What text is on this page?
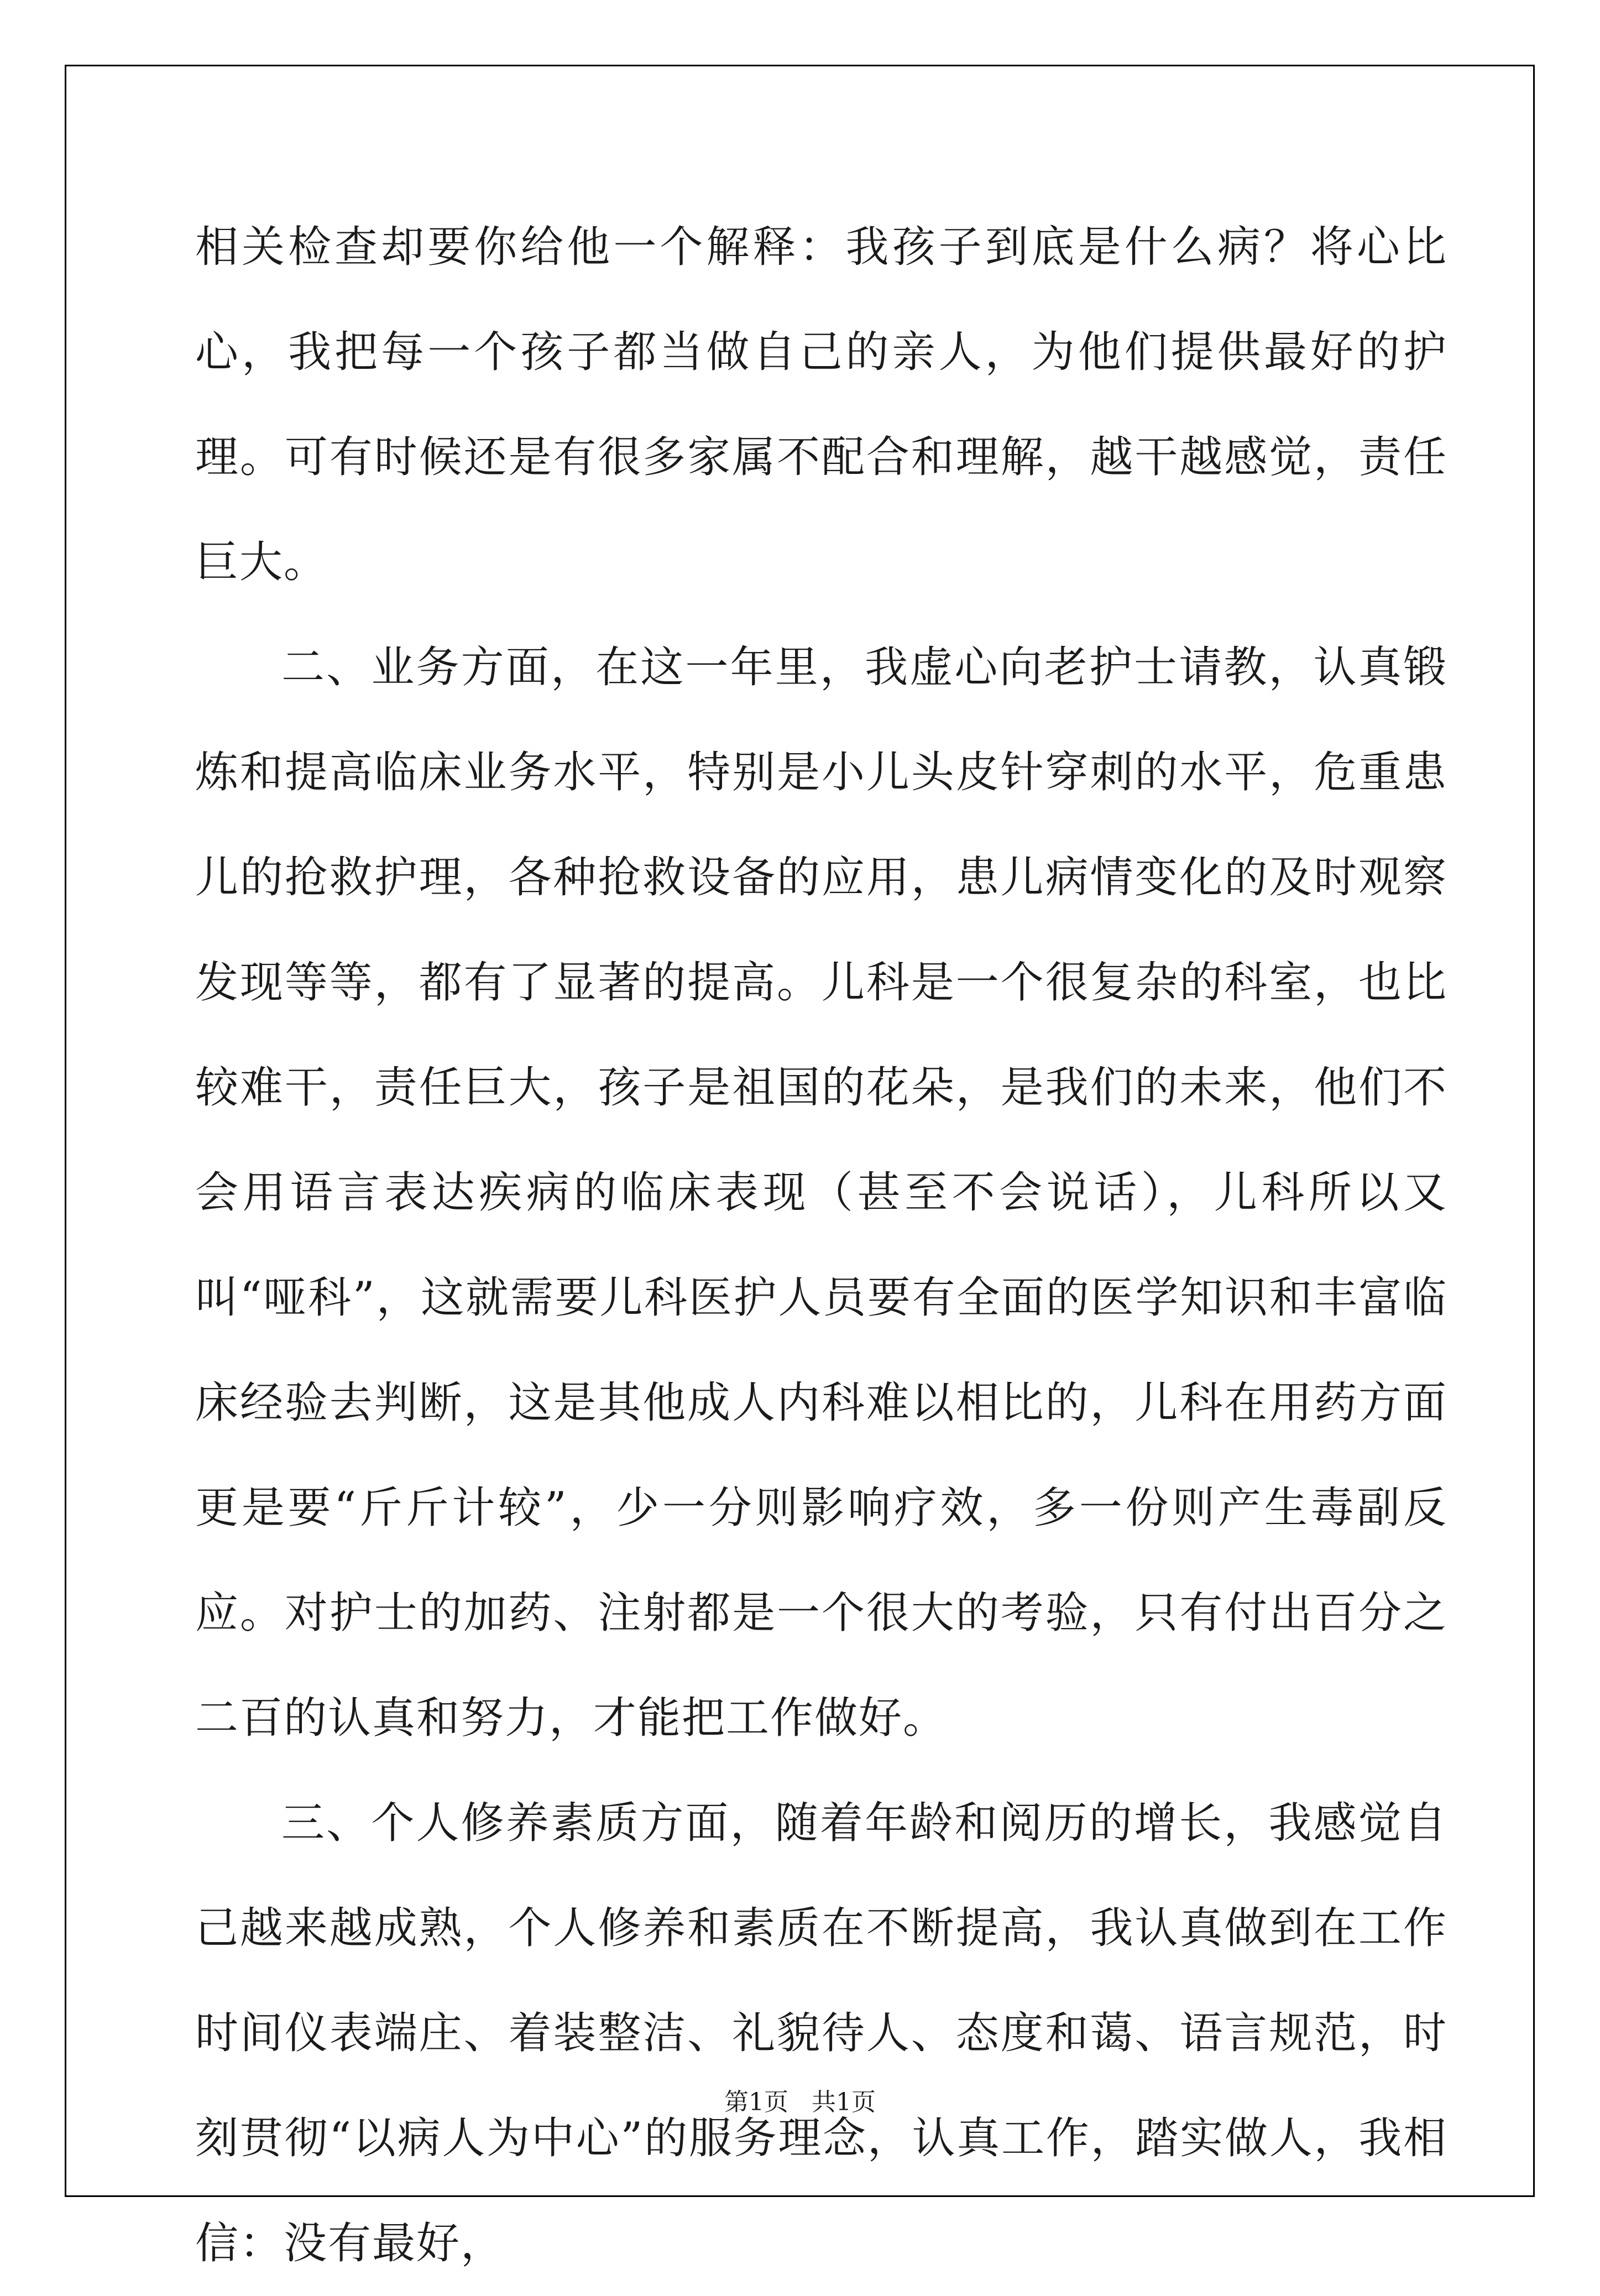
相关检查却要你给他一个解释：我孩子到底是什么病？将心比心，我把每一个孩子都当做自己的亲人，为他们提供最好的护理。可有时候还是有很多家属不配合和理解，越干越感觉，责任巨大。

二、业务方面，在这一年里，我虚心向老护士请教，认真锻炼和提高临床业务水平，特别是小儿头皮针穿刺的水平，危重患儿的抢救护理，各种抢救设备的应用，患儿病情变化的及时观察发现等等，都有了显著的提高。儿科是一个很复杂的科室，也比较难干，责任巨大，孩子是祖国的花朵，是我们的未来，他们不会用语言表达疾病的临床表现（甚至不会说话），儿科所以又叫“哑科”，这就需要儿科医护人员要有全面的医学知识和丰富临床经验去判断，这是其他成人内科难以相比的，儿科在用药方面更是要“斤斤计较”，少一分则影响疗效，多一份则产生毒副反应。对护士的加药、注射都是一个很大的考验，只有付出百分之二百的认真和努力，才能把工作做好。

三、个人修养素质方面，随着年龄和阅历的增长，我感觉自己越来越成熟，个人修养和素质在不断提高，我认真做到在工作时间仪表端庄、着装整洁、礼貌待人、态度和蔼、语言规范，时刻贯彻“以病人为中心”的服务理念，认真工作，踏实做人，我相信：没有最好，

第1页 共1页
